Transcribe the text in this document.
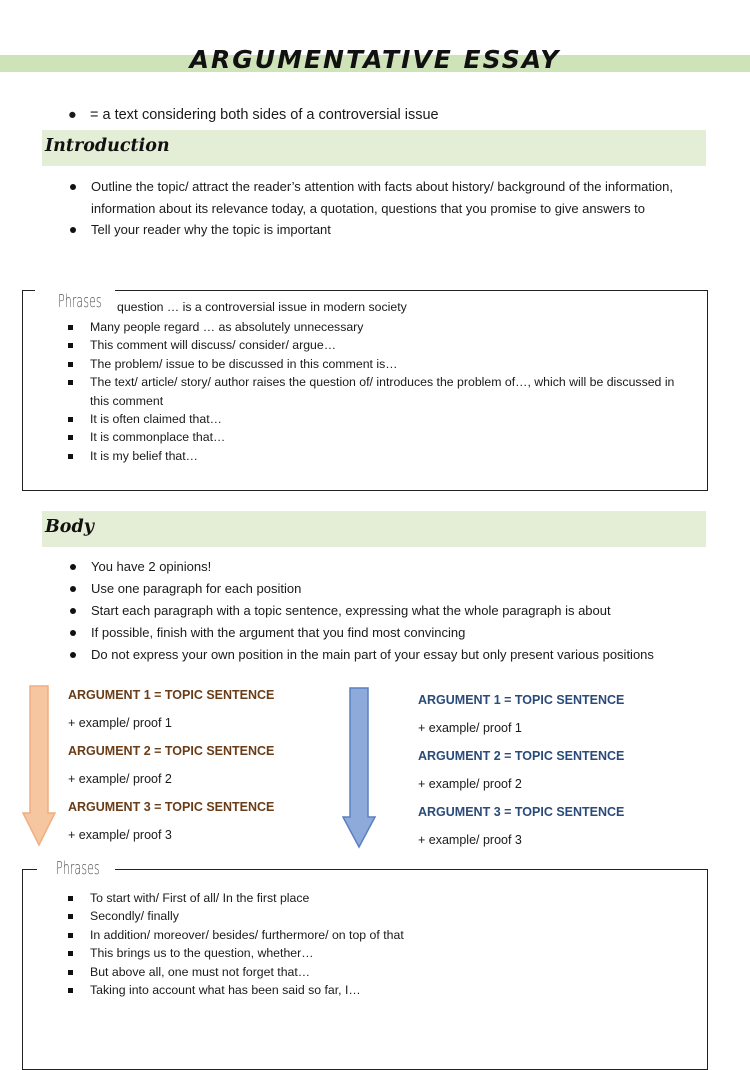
ARGUMENTATIVE ESSAY
● = a text considering both sides of a controversial issue
Introduction
Outline the topic/ attract the reader’s attention with facts about history/ background of the information, information about its relevance today, a quotation, questions that you promise to give answers to
Tell your reader why the topic is important
Phrases question … is a controversial issue in modern society
Many people regard … as absolutely unnecessary
This comment will discuss/ consider/ argue…
The problem/ issue to be discussed in this comment is…
The text/ article/ story/ author raises the question of/ introduces the problem of…, which will be discussed in this comment
It is often claimed that…
It is commonplace that…
It is my belief that…
Body
You have 2 opinions!
Use one paragraph for each position
Start each paragraph with a topic sentence, expressing what the whole paragraph is about
If possible, finish with the argument that you find most convincing
Do not express your own position in the main part of your essay but only present various positions
ARGUMENT 1 = TOPIC SENTENCE
+ example/ proof 1
ARGUMENT 2 = TOPIC SENTENCE
+ example/ proof 2
ARGUMENT 3 = TOPIC SENTENCE
+ example/ proof 3
ARGUMENT 1 = TOPIC SENTENCE
+ example/ proof 1
ARGUMENT 2 = TOPIC SENTENCE
+ example/ proof 2
ARGUMENT 3 = TOPIC SENTENCE
+ example/ proof 3
Phrases
To start with/ First of all/ In the first place
Secondly/ finally
In addition/ moreover/ besides/ furthermore/ on top of that
This brings us to the question, whether…
But above all, one must not forget that…
Taking into account what has been said so far, I…
